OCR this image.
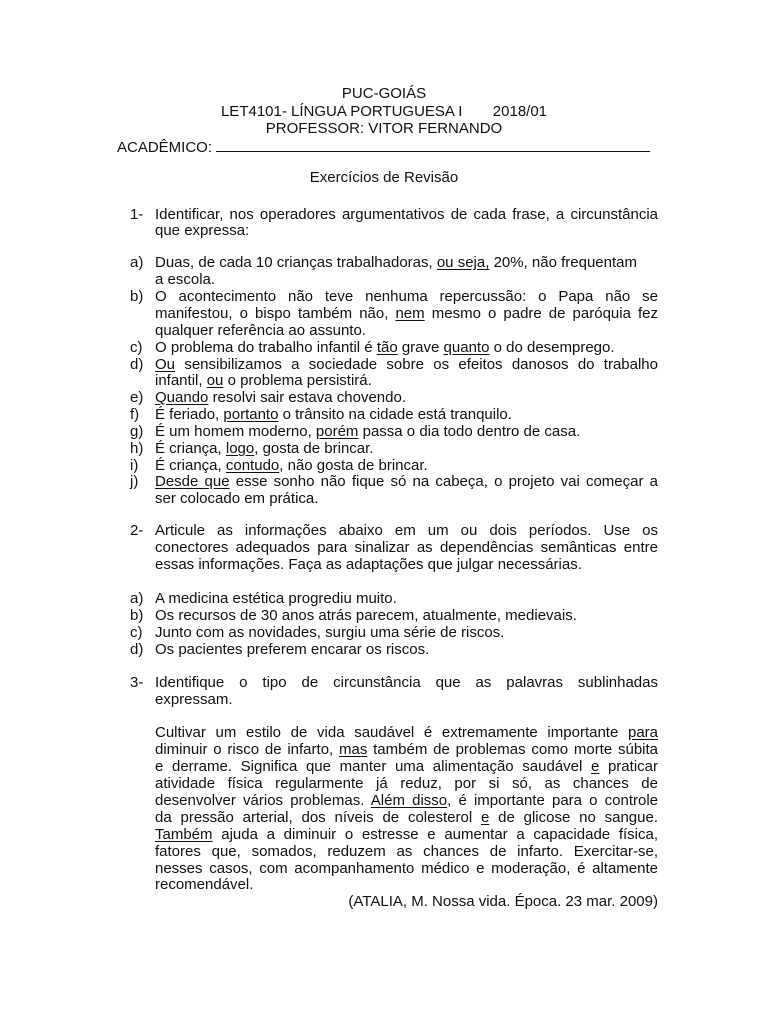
PUC-GOIÁS
LET4101- LÍNGUA PORTUGUESA I 2018/01
PROFESSOR: VITOR FERNANDO
ACADÊMICO:
Exercícios de Revisão
1- Identificar, nos operadores argumentativos de cada frase, a circunstância
que expressa:
a) Duas, de cada 10 crianças trabalhadoras, ou seja, 20%, não frequentam
a escola.
b) O acontecimento não teve nenhuma repercussão: o Papa não se
manifestou, o bispo também não, nem mesmo o padre de paróquia fez
qualquer referência ao assunto.
c) O problema do trabalho infantil é tão grave quanto o do desemprego.
d) Ou sensibilizamos a sociedade sobre os efeitos danosos do trabalho
infantil, ou o problema persistirá.
e) Quando resolvi sair estava chovendo.
f) É feriado, portanto o trânsito na cidade está tranquilo.
g) É um homem moderno, porém passa o dia todo dentro de casa.
h) É criança, logo, gosta de brincar.
i) É criança, contudo, não gosta de brincar.
j) Desde que esse sonho não fique só na cabeça, o projeto vai começar a
ser colocado em prática.
2- Articule as informações abaixo em um ou dois períodos. Use os
conectores adequados para sinalizar as dependências semânticas entre
essas informações. Faça as adaptações que julgar necessárias.
a) A medicina estética progrediu muito.
b) Os recursos de 30 anos atrás parecem, atualmente, medievais.
c) Junto com as novidades, surgiu uma série de riscos.
d) Os pacientes preferem encarar os riscos.
3- Identifique o tipo de circunstância que as palavras sublinhadas
expressam.
Cultivar um estilo de vida saudável é extremamente importante para
diminuir o risco de infarto, mas também de problemas como morte súbita
e derrame. Significa que manter uma alimentação saudável e praticar
atividade física regularmente já reduz, por si só, as chances de
desenvolver vários problemas. Além disso, é importante para o controle
da pressão arterial, dos níveis de colesterol e de glicose no sangue.
Também ajuda a diminuir o estresse e aumentar a capacidade física,
fatores que, somados, reduzem as chances de infarto. Exercitar-se,
nesses casos, com acompanhamento médico e moderação, é altamente
recomendável.
(ATALIA, M. Nossa vida. Época. 23 mar. 2009)
